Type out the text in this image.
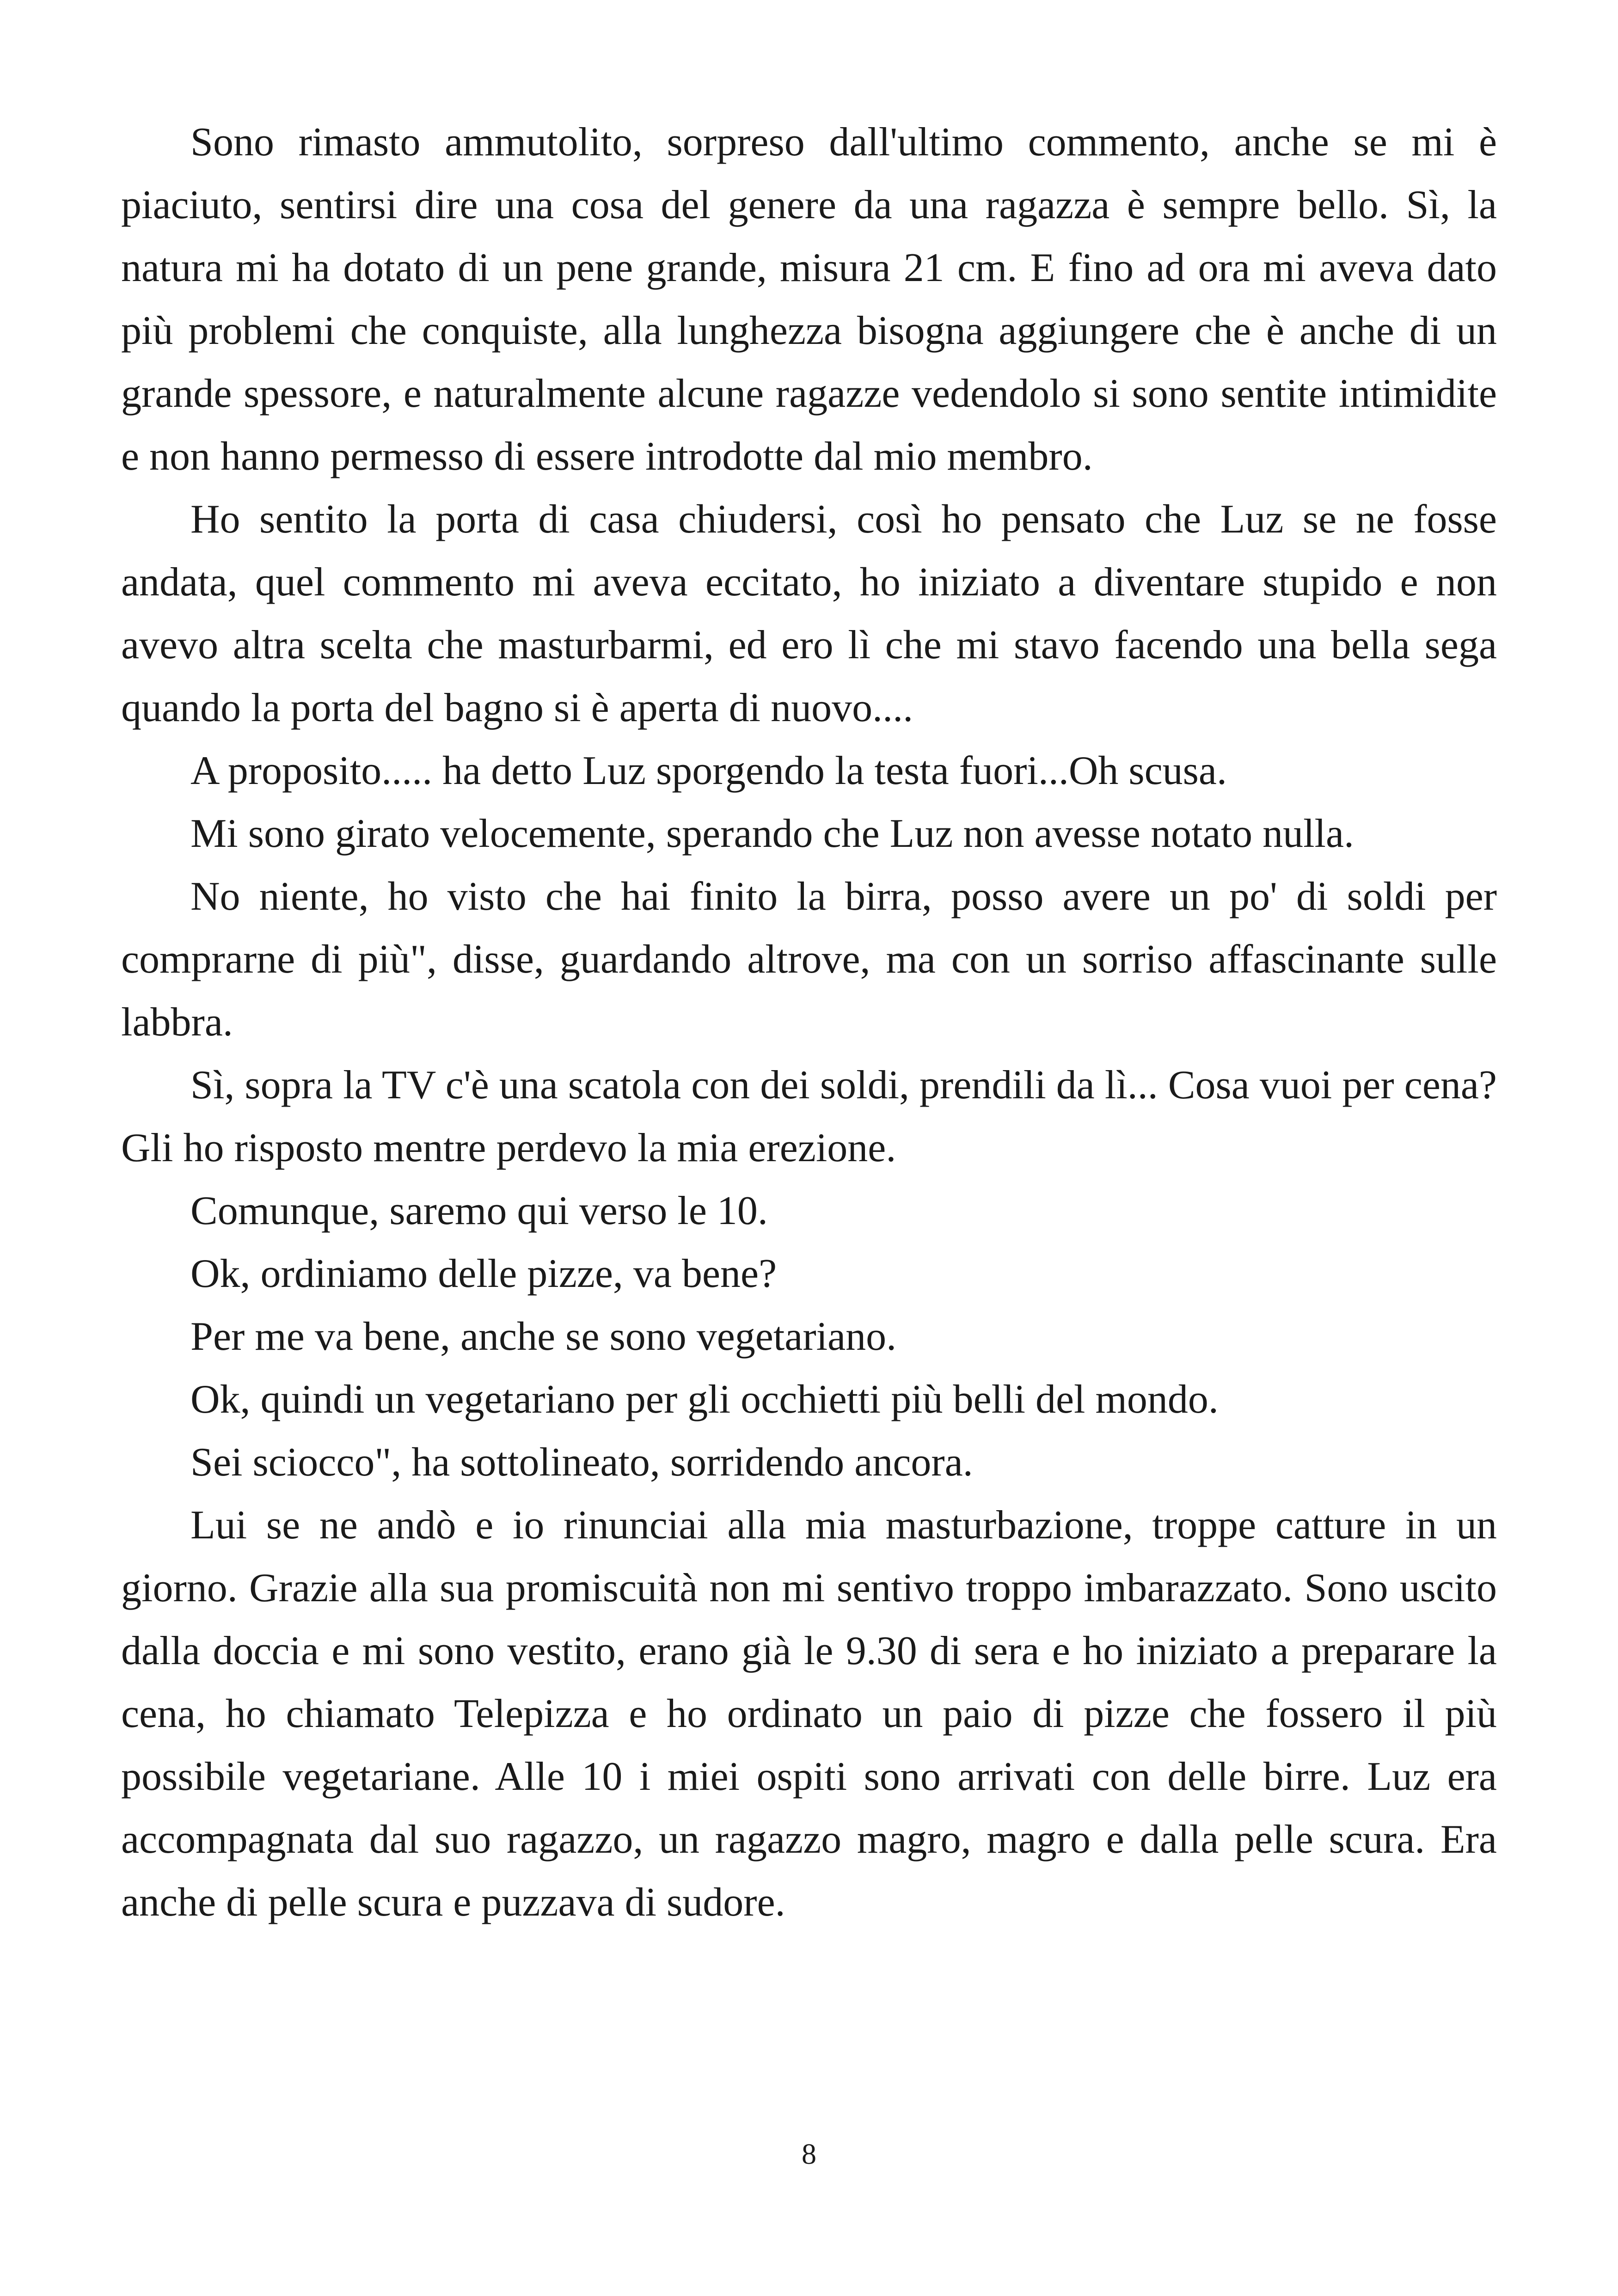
Sono rimasto ammutolito, sorpreso dall'ultimo commento, anche se mi è piaciuto, sentirsi dire una cosa del genere da una ragazza è sempre bello. Sì, la natura mi ha dotato di un pene grande, misura 21 cm. E fino ad ora mi aveva dato più problemi che conquiste, alla lunghezza bisogna aggiungere che è anche di un grande spessore, e naturalmente alcune ragazze vedendolo si sono sentite intimidite e non hanno permesso di essere introdotte dal mio membro.

Ho sentito la porta di casa chiudersi, così ho pensato che Luz se ne fosse andata, quel commento mi aveva eccitato, ho iniziato a diventare stupido e non avevo altra scelta che masturbarmi, ed ero lì che mi stavo facendo una bella sega quando la porta del bagno si è aperta di nuovo....

A proposito..... ha detto Luz sporgendo la testa fuori...Oh scusa.

Mi sono girato velocemente, sperando che Luz non avesse notato nulla.

No niente, ho visto che hai finito la birra, posso avere un po' di soldi per comprarne di più", disse, guardando altrove, ma con un sorriso affascinante sulle labbra.

Sì, sopra la TV c'è una scatola con dei soldi, prendili da lì... Cosa vuoi per cena? Gli ho risposto mentre perdevo la mia erezione.

Comunque, saremo qui verso le 10.

Ok, ordiniamo delle pizze, va bene?

Per me va bene, anche se sono vegetariano.

Ok, quindi un vegetariano per gli occhietti più belli del mondo.

Sei sciocco", ha sottolineato, sorridendo ancora.

Lui se ne andò e io rinunciai alla mia masturbazione, troppe catture in un giorno. Grazie alla sua promiscuità non mi sentivo troppo imbarazzato. Sono uscito dalla doccia e mi sono vestito, erano già le 9.30 di sera e ho iniziato a preparare la cena, ho chiamato Telepizza e ho ordinato un paio di pizze che fossero il più possibile vegetariane. Alle 10 i miei ospiti sono arrivati con delle birre. Luz era accompagnata dal suo ragazzo, un ragazzo magro, magro e dalla pelle scura. Era anche di pelle scura e puzzava di sudore.

8
